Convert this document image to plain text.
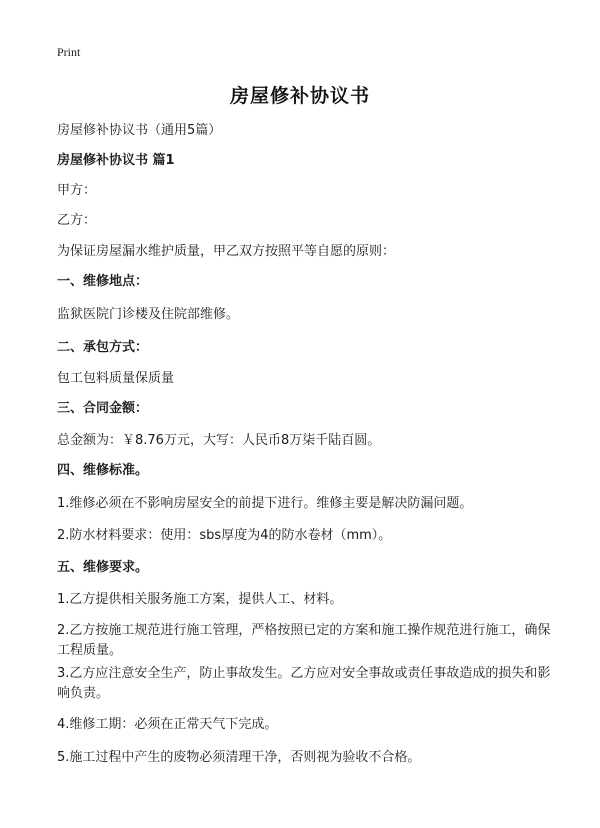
Print
房屋修补协议书
房屋修补协议书（通用5篇）
房屋修补协议书 篇1
甲方：
乙方：
为保证房屋漏水维护质量，甲乙双方按照平等自愿的原则：
一、维修地点：
监狱医院门诊楼及住院部维修。
二、承包方式：
包工包料质量保质量
三、合同金额：
总金额为：￥8.76万元，大写：人民币8万柒千陆百圆。
四、维修标准。
1.维修必须在不影响房屋安全的前提下进行。维修主要是解决防漏问题。
2.防水材料要求：使用：sbs厚度为4的防水卷材（mm）。
五、维修要求。
1.乙方提供相关服务施工方案，提供人工、材料。
2.乙方按施工规范进行施工管理，严格按照已定的方案和施工操作规范进行施工，确保工程质量。
3.乙方应注意安全生产，防止事故发生。乙方应对安全事故或责任事故造成的损失和影响负责。
4.维修工期：必须在正常天气下完成。
5.施工过程中产生的废物必须清理干净，否则视为验收不合格。
